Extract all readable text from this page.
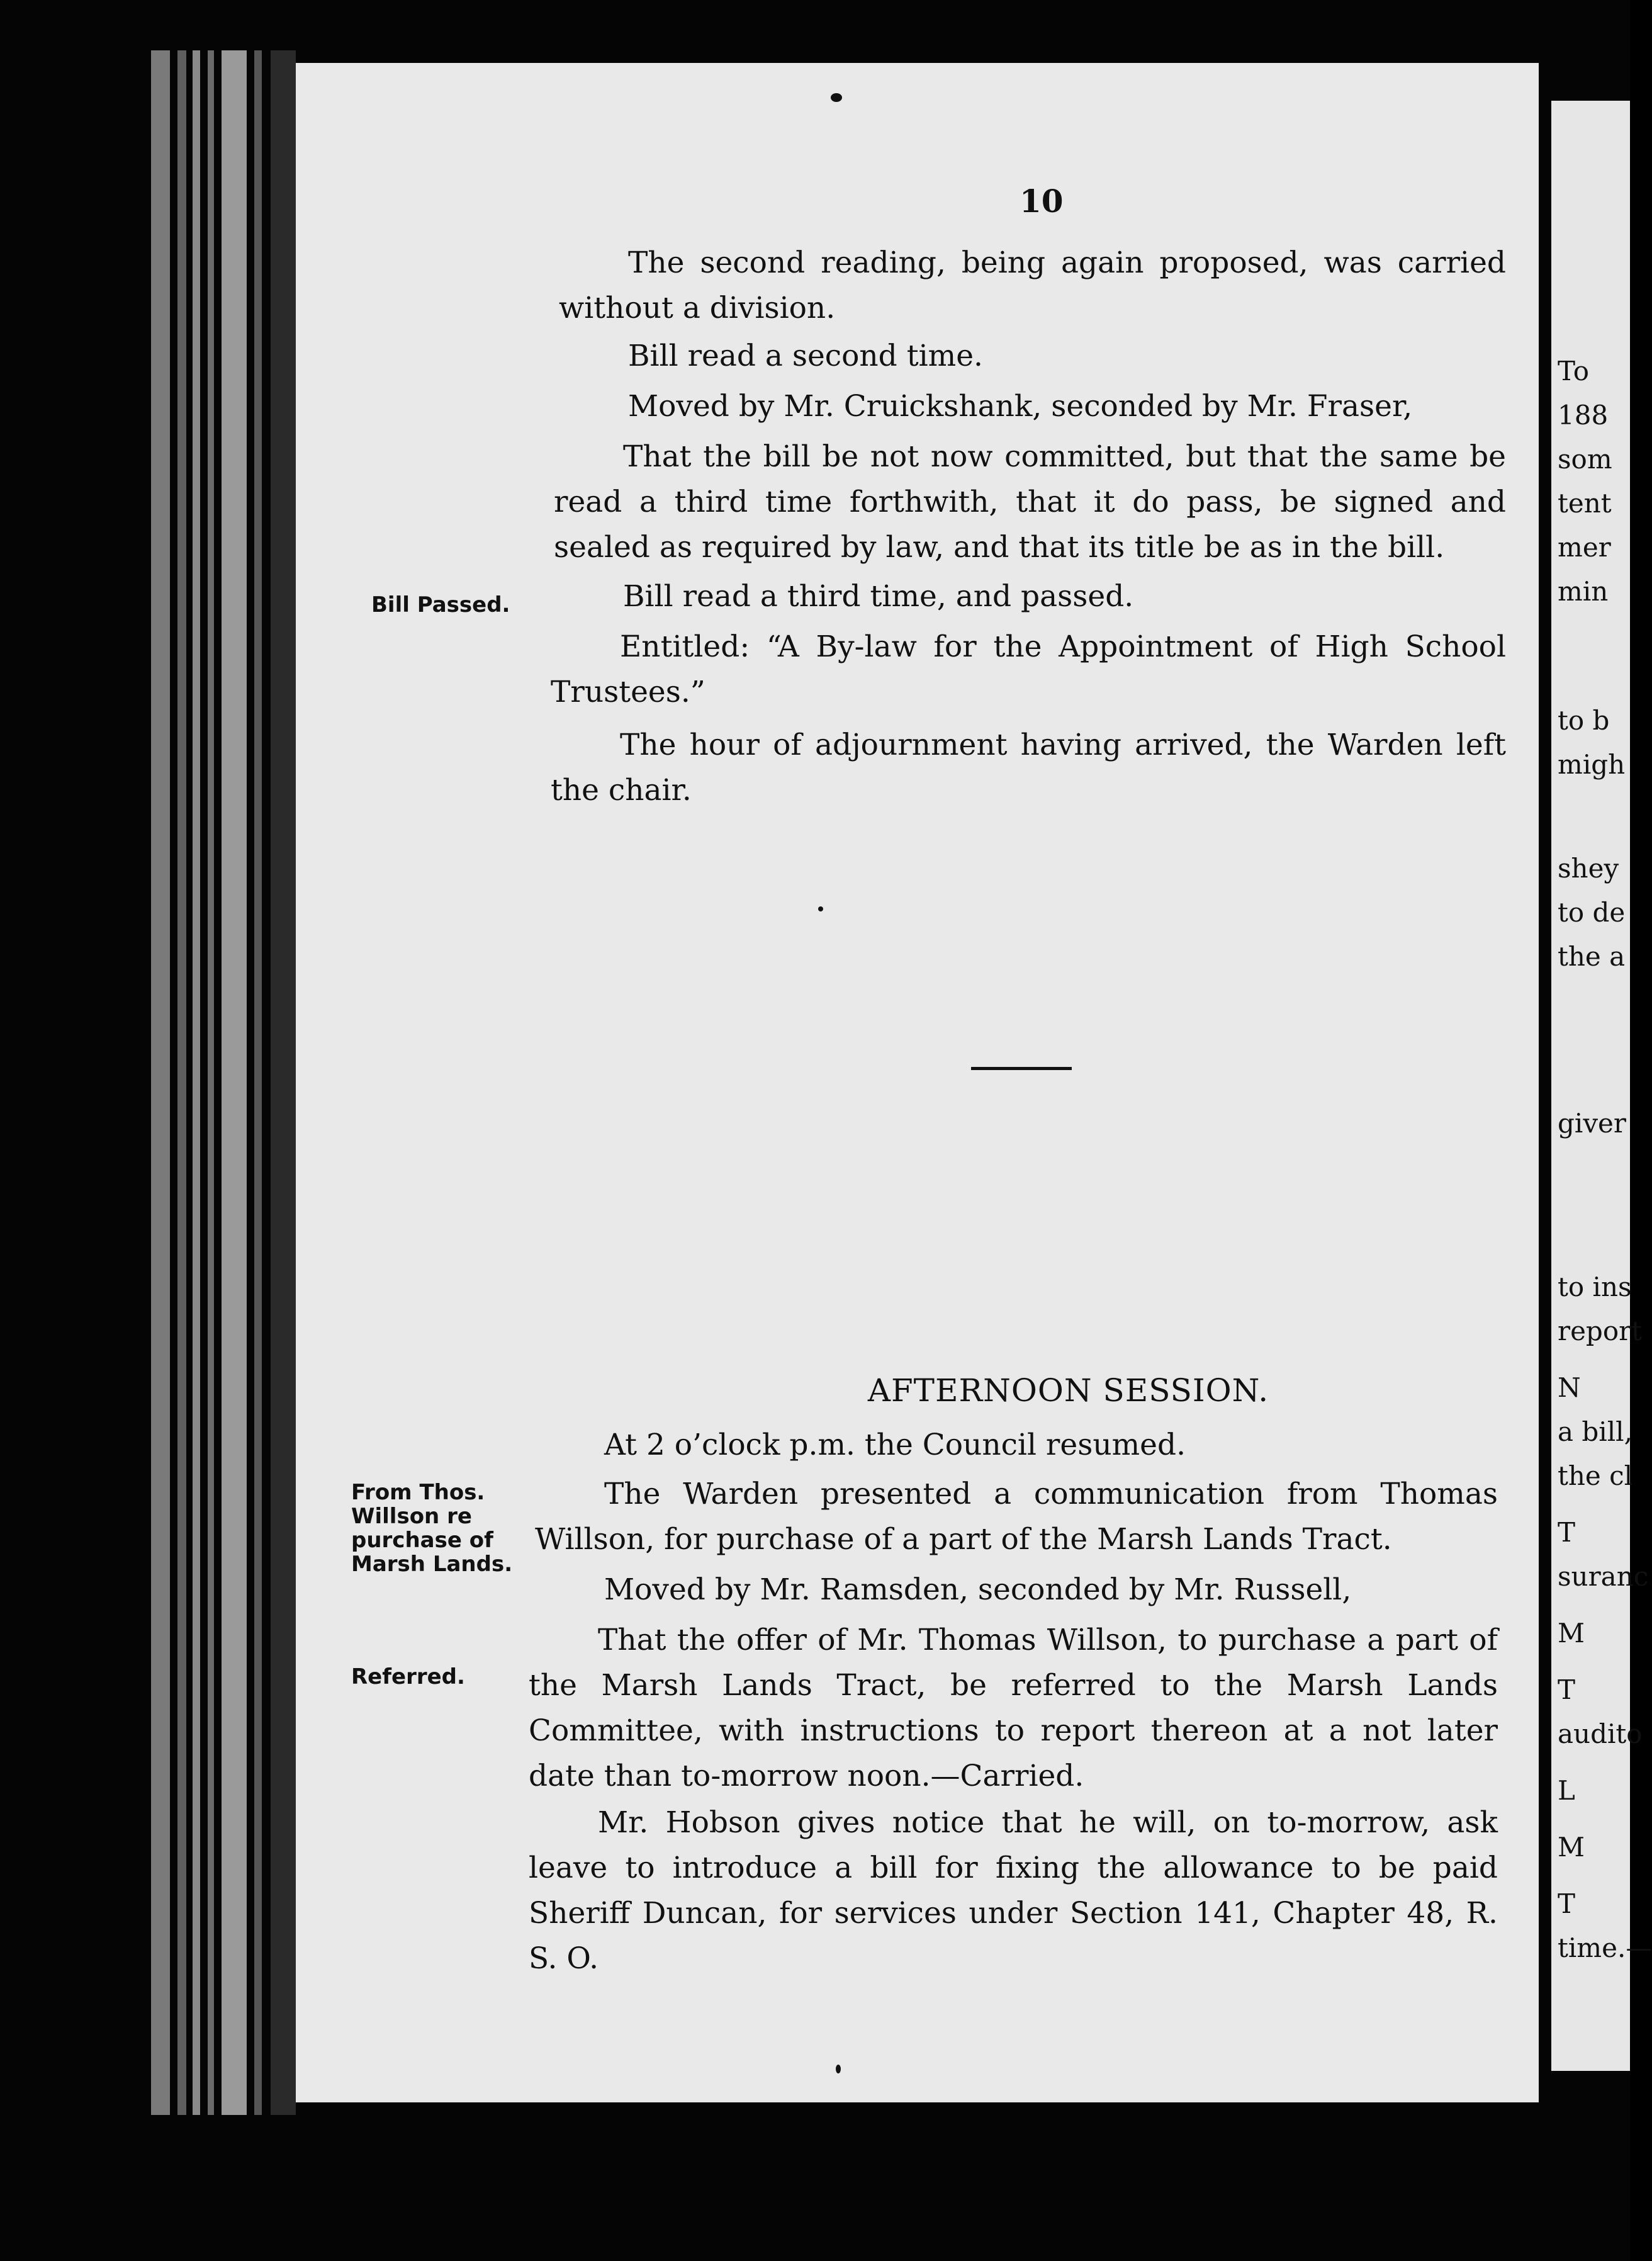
10

The second reading, being again proposed, was carried without a division.

Bill read a second time.

Moved by Mr. Cruickshank, seconded by Mr. Fraser,

That the bill be not now committed, but that the same be read a third time forthwith, that it do pass, be signed and sealed as required by law, and that its title be as in the bill.

Bill Passed.	Bill read a third time, and passed.

Entitled: “A By-law for the Appointment of High School Trustees.”

The hour of adjournment having arrived, the Warden left the chair.

AFTERNOON SESSION.

At 2 o’clock p.m. the Council resumed.

From Thos. Willson re purchase of Marsh Lands.

The Warden presented a communication from Thomas Willson, for purchase of a part of the Marsh Lands Tract.

Moved by Mr. Ramsden, seconded by Mr. Russell,

Referred.

That the offer of Mr. Thomas Willson, to purchase a part of the Marsh Lands Tract, be referred to the Marsh Lands Committee, with instructions to report thereon at a not later date than to-morrow noon.—Carried.

Mr. Hobson gives notice that he will, on to-morrow, ask leave to introduce a bill for fixing the allowance to be paid Sheriff Duncan, for services under Section 141, Chapter 48, R. S. O.

To
188
som
tent
mer
min
to b
migh
shey
to de
the a
giver
to ins
report
N
a bill,
the cl
T
suranc
M
T
audito
L
M
T
time.—
